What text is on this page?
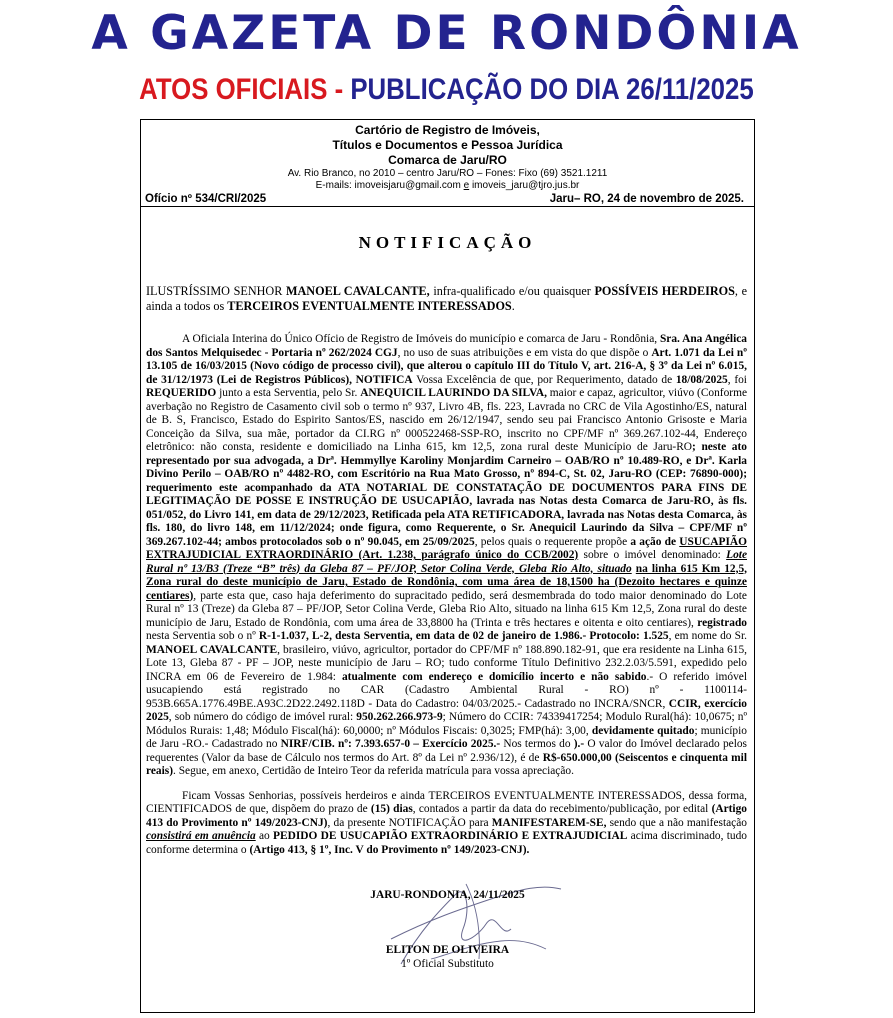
A GAZETA DE RONDÔNIA
ATOS OFICIAIS - PUBLICAÇÃO DO DIA 26/11/2025
Cartório de Registro de Imóveis,
Títulos e Documentos e Pessoa Jurídica
Comarca de Jaru/RO
Av. Rio Branco, no 2010 – centro Jaru/RO – Fones: Fixo (69) 3521.1211
E-mails: imoveisjaru@gmail.com e imoveis_jaru@tjro.jus.br
Ofício nº 534/CRI/2025	Jaru– RO, 24 de novembro de 2025.
NOTIFICAÇÃO

ILUSTRÍSSIMO SENHOR MANOEL CAVALCANTE, infra-qualificado e/ou quaisquer POSSÍVEIS HERDEIROS, e ainda a todos os TERCEIROS EVENTUALMENTE INTERESSADOS.

A Oficiala Interina do Único Ofício de Registro de Imóveis do município e comarca de Jaru - Rondônia, Sra. Ana Angélica dos Santos Melquisedec - Portaria nº 262/2024 CGJ, no uso de suas atribuições e em vista do que dispõe o Art. 1.071 da Lei nº 13.105 de 16/03/2015 (Novo código de processo civil), que alterou o capítulo III do Título V, art. 216-A, § 3º da Lei nº 6.015, de 31/12/1973 (Lei de Registros Públicos), NOTIFICA Vossa Excelência de que, por Requerimento, datado de 18/08/2025, foi REQUERIDO junto a esta Serventia, pelo Sr. ANEQUICIL LAURINDO DA SILVA, maior e capaz, agricultor, viúvo (Conforme averbação no Registro de Casamento civil sob o termo nº 937, Livro 4B, fls. 223, Lavrada no CRC de Vila Agostinho/ES, natural de B. S, Francisco, Estado do Espirito Santos/ES, nascido em 26/12/1947, sendo seu pai Francisco Antonio Grisoste e Maria Conceição da Silva, sua mãe, portador da CI.RG nº 000522468-SSP-RO, inscrito no CPF/MF nº 369.267.102-44, Endereço eletrônico: não consta, residente e domiciliado na Linha 615, km 12,5, zona rural deste Município de Jaru-RO; neste ato representado por sua advogada, a Drª. Hemmyllye Karoliny Monjardim Carneiro – OAB/RO nº 10.489-RO, e Drª. Karla Divino Perilo – OAB/RO nº 4482-RO, com Escritório na Rua Mato Grosso, nº 894-C, St. 02, Jaru-RO (CEP: 76890-000); requerimento este acompanhado da ATA NOTARIAL DE CONSTATAÇÃO DE DOCUMENTOS PARA FINS DE LEGITIMAÇÃO DE POSSE E INSTRUÇÃO DE USUCAPIÃO, lavrada nas Notas desta Comarca de Jaru-RO, às fls. 051/052, do Livro 141, em data de 29/12/2023, Retificada pela ATA RETIFICADORA, lavrada nas Notas desta Comarca, às fls. 180, do livro 148, em 11/12/2024; onde figura, como Requerente, o Sr. Anequicil Laurindo da Silva – CPF/MF nº 369.267.102-44; ambos protocolados sob o nº 90.045, em 25/09/2025, pelos quais o requerente propõe a ação de USUCAPIÃO EXTRAJUDICIAL EXTRAORDINÁRIO (Art. 1.238, parágrafo único do CCB/2002) sobre o imóvel denominado: Lote Rural nº 13/B3 (Treze “B” três) da Gleba 87 – PF/JOP, Setor Colina Verde, Gleba Rio Alto, situado na linha 615 Km 12,5, Zona rural do deste município de Jaru, Estado de Rondônia, com uma área de 18,1500 ha (Dezoito hectares e quinze centiares), parte esta que, caso haja deferimento do supracitado pedido, será desmembrada do todo maior denominado do Lote Rural nº 13 (Treze) da Gleba 87 – PF/JOP, Setor Colina Verde, Gleba Rio Alto, situado na linha 615 Km 12,5, Zona rural do deste município de Jaru, Estado de Rondônia, com uma área de 33,8800 ha (Trinta e três hectares e oitenta e oito centiares), registrado nesta Serventia sob o nº R-1-1.037, L-2, desta Serventia, em data de 02 de janeiro de 1.986.- Protocolo: 1.525, em nome do Sr. MANOEL CAVALCANTE, brasileiro, viúvo, agricultor, portador do CPF/MF nº 188.890.182-91, que era residente na Linha 615, Lote 13, Gleba 87 - PF – JOP, neste município de Jaru – RO; tudo conforme Título Definitivo 232.2.03/5.591, expedido pelo INCRA em 06 de Fevereiro de 1.984: atualmente com endereço e domicílio incerto e não sabido.- O referido imóvel usucapiendo está registrado no CAR (Cadastro Ambiental Rural - RO) nº - 1100114-953B.665A.1776.49BE.A93C.2D22.2492.118D - Data do Cadastro: 04/03/2025.- Cadastrado no INCRA/SNCR, CCIR, exercício 2025, sob número do código de imóvel rural: 950.262.266.973-9; Número do CCIR: 74339417254; Modulo Rural(há): 10,0675; nº Módulos Rurais: 1,48; Módulo Fiscal(há): 60,0000; nº Módulos Fiscais: 0,3025; FMP(há): 3,00, devidamente quitado; município de Jaru -RO.- Cadastrado no NIRF/CIB. nº: 7.393.657-0 – Exercício 2025.- Nos termos do ).- O valor do Imóvel declarado pelos requerentes (Valor da base de Cálculo nos termos do Art. 8º da Lei nº 2.936/12), é de R$-650.000,00 (Seiscentos e cinquenta mil reais). Segue, em anexo, Certidão de Inteiro Teor da referida matrícula para vossa apreciação.

Ficam Vossas Senhorias, possíveis herdeiros e ainda TERCEIROS EVENTUALMENTE INTERESSADOS, dessa forma, CIENTIFICADOS de que, dispõem do prazo de (15) dias, contados a partir da data do recebimento/publicação, por edital (Artigo 413 do Provimento nº 149/2023-CNJ), da presente NOTIFICAÇÃO para MANIFESTAREM-SE, sendo que a não manifestação consistirá em anuência ao PEDIDO DE USUCAPIÃO EXTRAORDINÁRIO E EXTRAJUDICIAL acima discriminado, tudo conforme determina o (Artigo 413, § 1º, Inc. V do Provimento nº 149/2023-CNJ).

JARU-RONDONIA, 24/11/2025
ELITON DE OLIVEIRA
1º Oficial Substituto
